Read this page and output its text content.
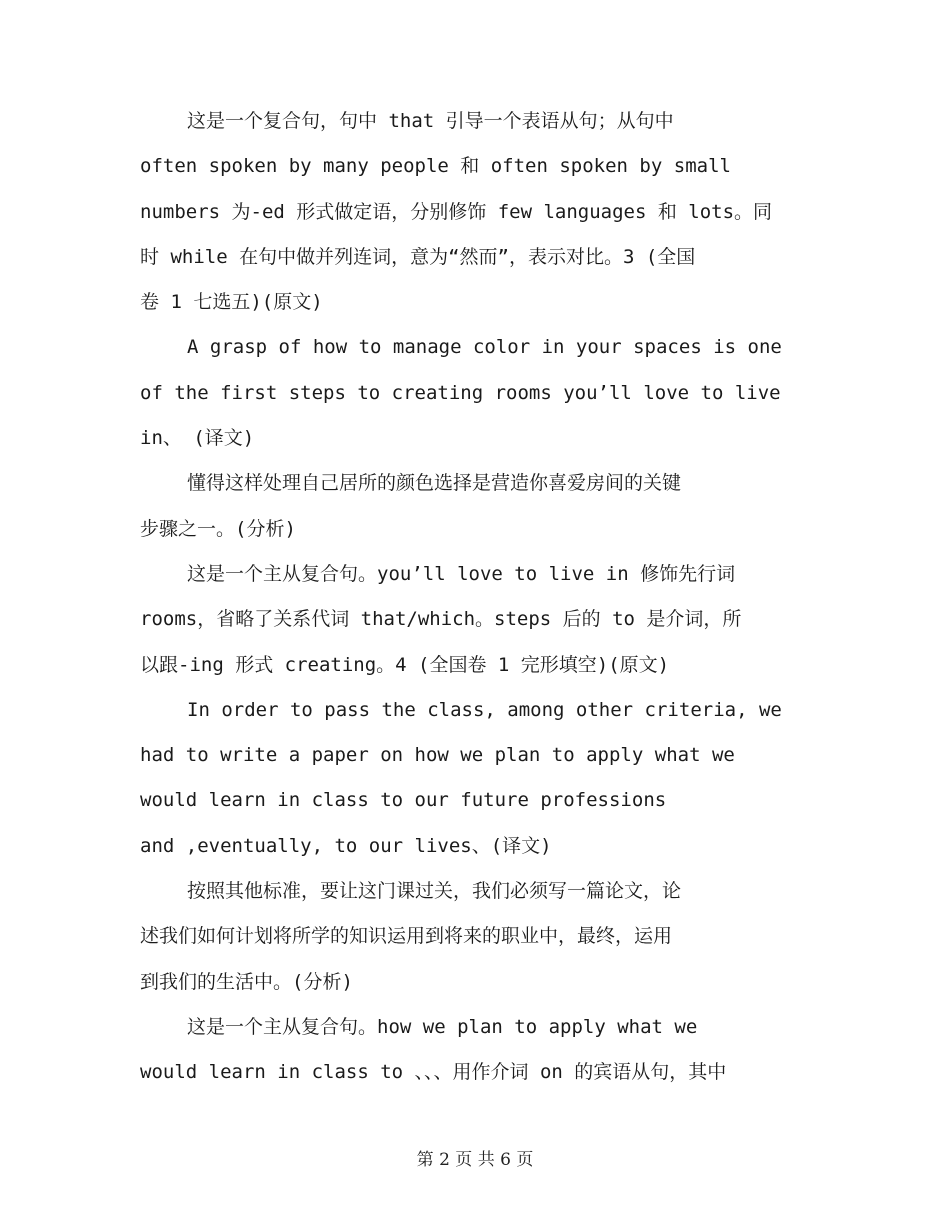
这是一个复合句，句中 that 引导一个表语从句；从句中
often spoken by many people 和 often spoken by small
numbers 为-ed 形式做定语，分别修饰 few languages 和 lots。同
时 while 在句中做并列连词，意为“然而”，表示对比。3 (全国
卷 1 七选五)(原文)
A grasp of how to manage color in your spaces is one
of the first steps to creating rooms you’ll love to live
in、 (译文)
懂得这样处理自己居所的颜色选择是营造你喜爱房间的关键
步骤之一。(分析)
这是一个主从复合句。you’ll love to live in 修饰先行词
rooms，省略了关系代词 that/which。steps 后的 to 是介词，所
以跟-ing 形式 creating。4 (全国卷 1 完形填空)(原文)
In order to pass the class, among other criteria, we
had to write a paper on how we plan to apply what we
would learn in class to our future professions
and ,eventually, to our lives、(译文)
按照其他标准，要让这门课过关，我们必须写一篇论文，论
述我们如何计划将所学的知识运用到将来的职业中，最终，运用
到我们的生活中。(分析)
这是一个主从复合句。how we plan to apply what we
would learn in class to 、、、用作介词 on 的宾语从句，其中
第 2 页 共 6 页
